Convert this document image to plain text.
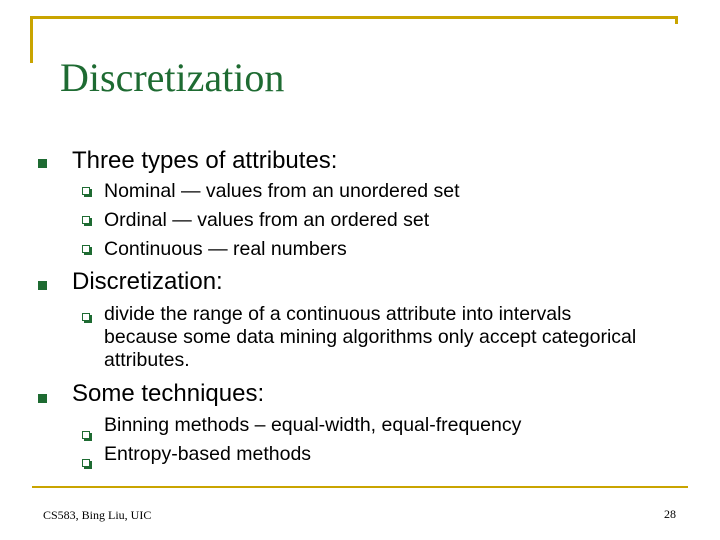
Discretization
Three types of attributes:
Nominal — values from an unordered set
Ordinal — values from an ordered set
Continuous — real numbers
Discretization:
divide the range of a continuous attribute into intervals because some data mining algorithms only accept categorical attributes.
Some techniques:
Binning methods – equal-width, equal-frequency
Entropy-based methods
CS583, Bing Liu, UIC	28
